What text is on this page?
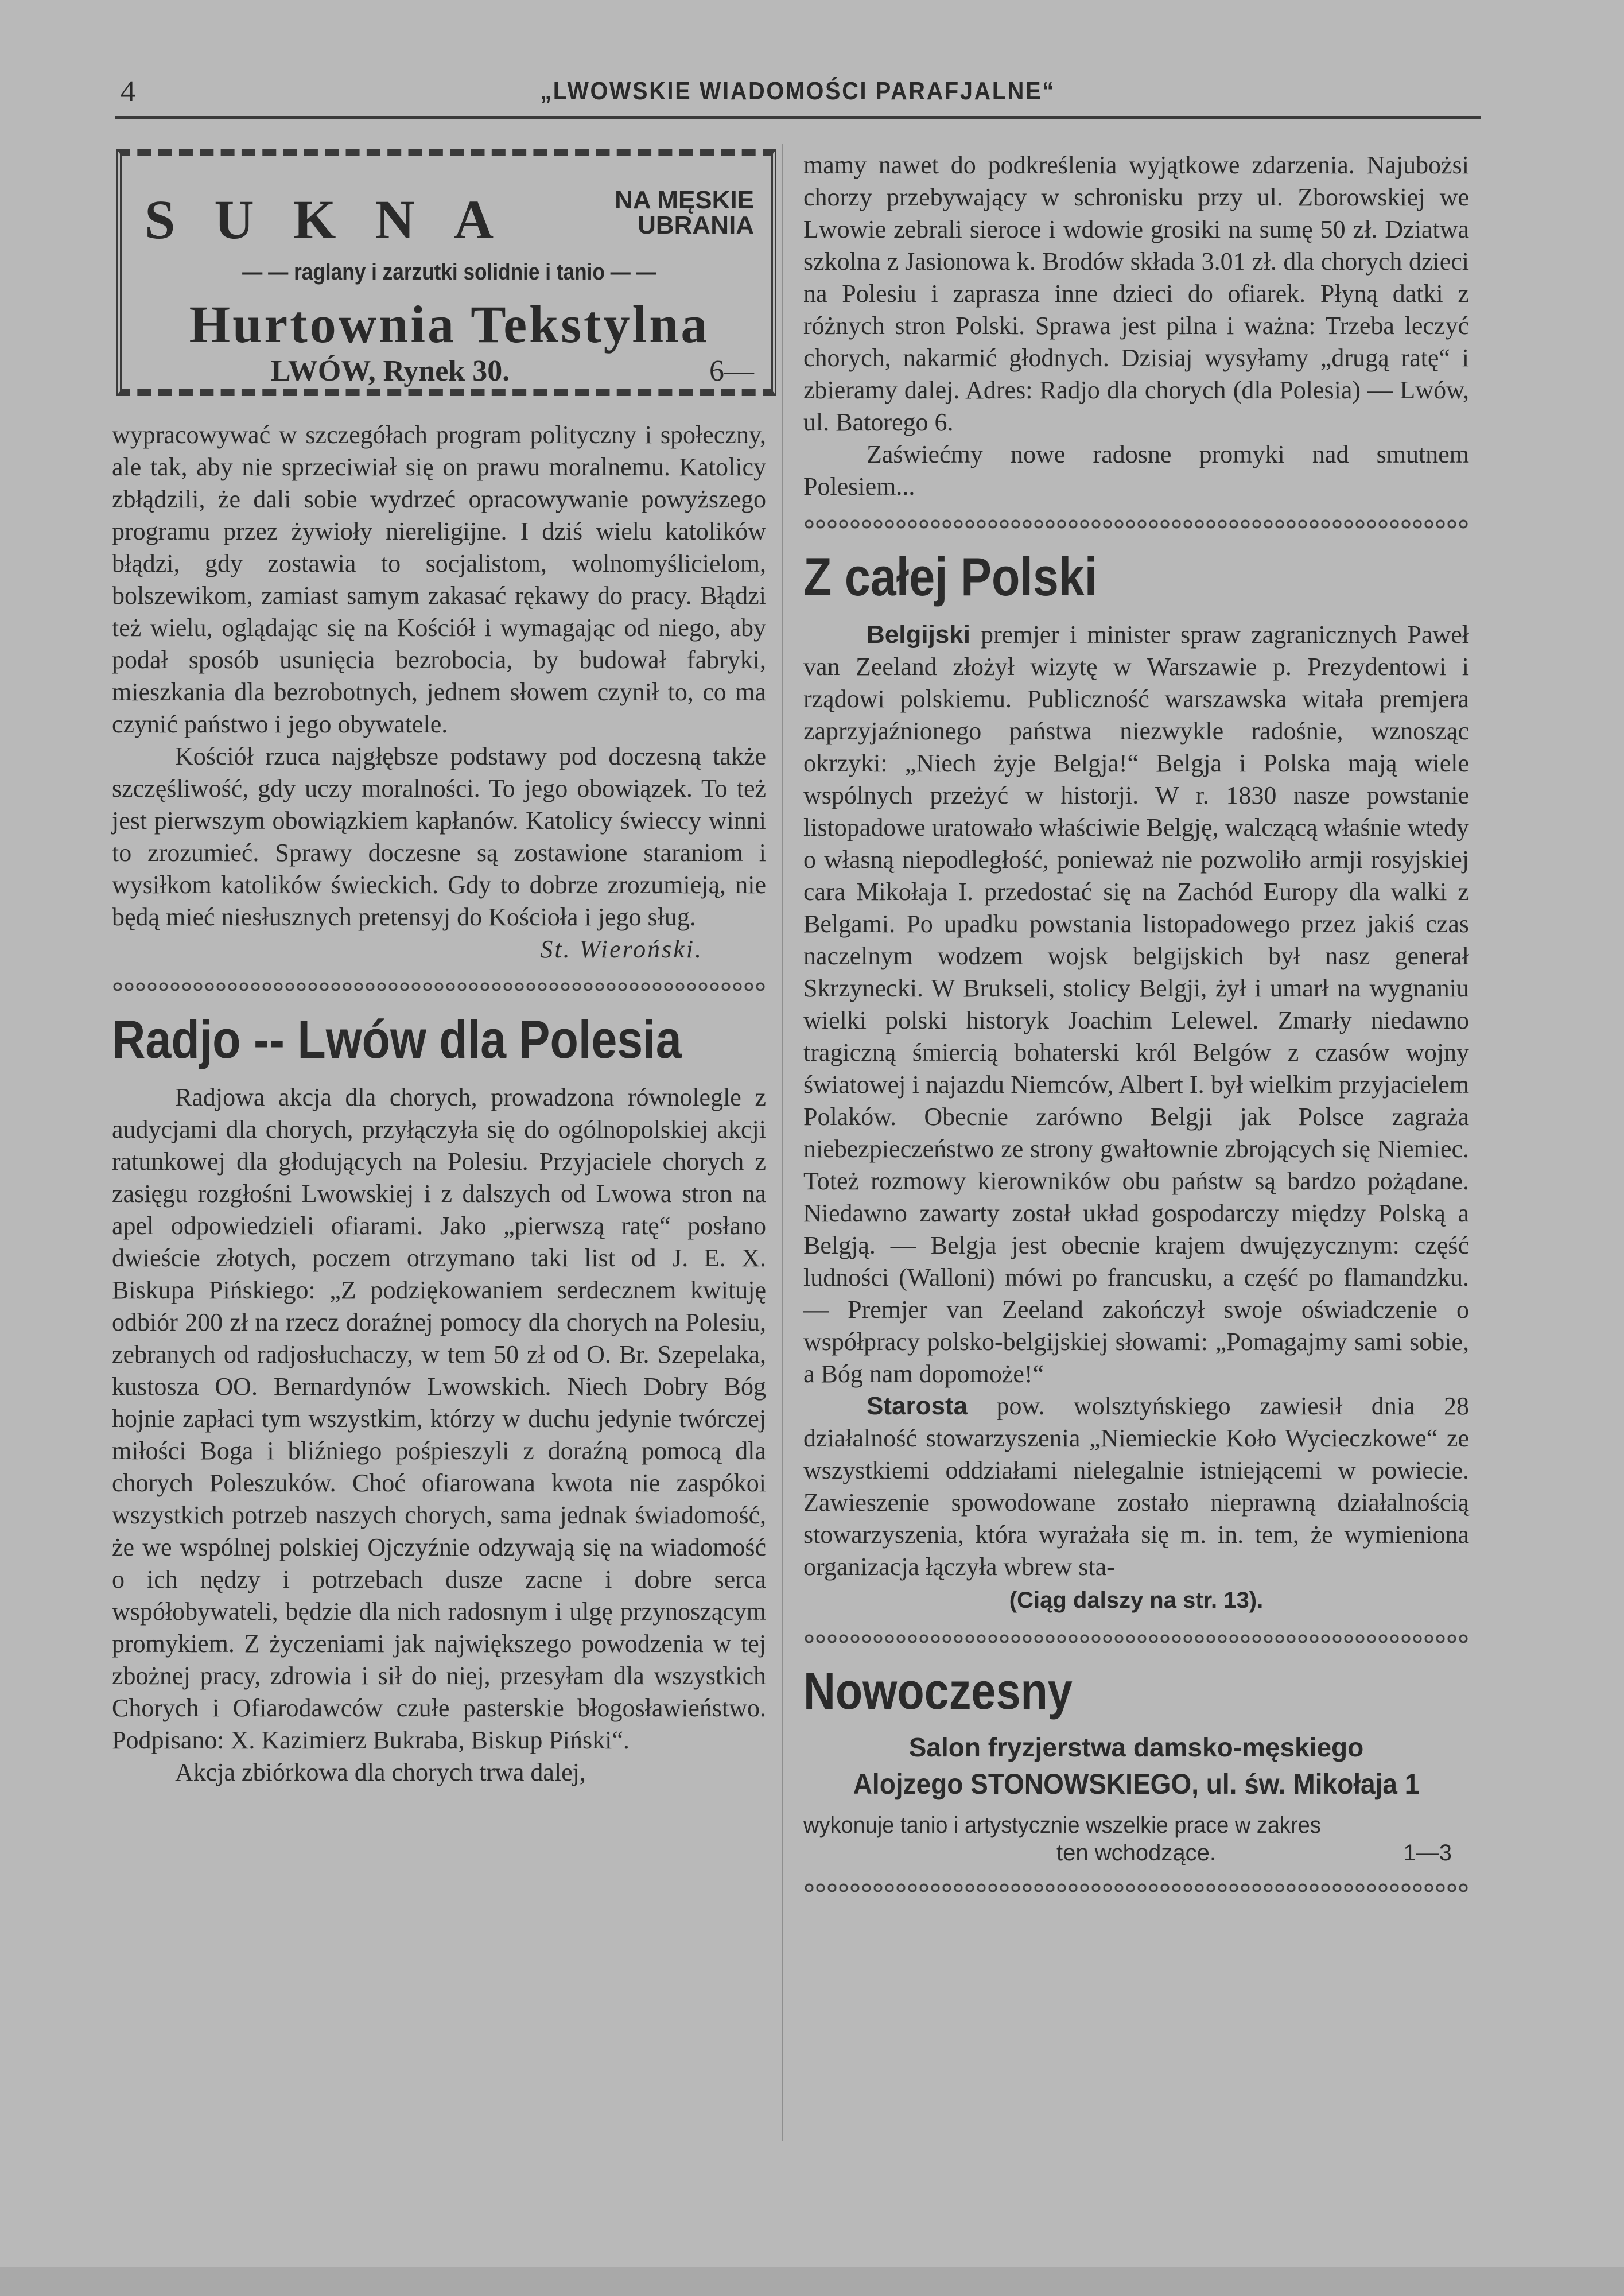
4	„LWOWSKIE WIADOMOŚCI PARAFJALNE“
SUKNA	NA MĘSKIE
UBRANIA
— — raglany i zarzutki solidnie i tanio — —
Hurtownia Tekstylna
LWÓW, Rynek 30.	6—

wypracowywać w szczegółach program polityczny i społeczny, ale tak, aby nie sprzeciwiał się on prawu moralnemu. Katolicy zbłądzili, że dali sobie wydrzeć opracowywanie powyższego programu przez żywioły niereligijne. I dziś wielu katolików błądzi, gdy zostawia to socjalistom, wolnomyślicielom, bolszewikom, zamiast samym zakasać rękawy do pracy. Błądzi też wielu, oglądając się na Kościół i wymagając od niego, aby podał sposób usunięcia bezrobocia, by budował fabryki, mieszkania dla bezrobotnych, jednem słowem czynił to, co ma czynić państwo i jego obywatele.

Kościół rzuca najgłębsze podstawy pod doczesną także szczęśliwość, gdy uczy moralności. To jego obowiązek. To też jest pierwszym obowiązkiem kapłanów. Katolicy świeccy winni to zrozumieć. Sprawy doczesne są zostawione staraniom i wysiłkom katolików świeckich. Gdy to dobrze zrozumieją, nie będą mieć niesłusznych pretensyj do Kościoła i jego sług.

St. Wieroński.
Radjo -- Lwów dla Polesia

Radjowa akcja dla chorych, prowadzona równolegle z audycjami dla chorych, przyłączyła się do ogólnopolskiej akcji ratunkowej dla głodujących na Polesiu. Przyjaciele chorych z zasięgu rozgłośni Lwowskiej i z dalszych od Lwowa stron na apel odpowiedzieli ofiarami. Jako „pierwszą ratę“ posłano dwieście złotych, poczem otrzymano taki list od J. E. X. Biskupa Pińskiego: „Z podziękowaniem serdecznem kwituję odbiór 200 zł na rzecz doraźnej pomocy dla chorych na Polesiu, zebranych od radjosłuchaczy, w tem 50 zł od O. Br. Szepelaka, kustosza OO. Bernardynów Lwowskich. Niech Dobry Bóg hojnie zapłaci tym wszystkim, którzy w duchu jedynie twórczej miłości Boga i bliźniego pośpieszyli z doraźną pomocą dla chorych Poleszuków. Choć ofiarowana kwota nie zaspókoi wszystkich potrzeb naszych chorych, sama jednak świadomość, że we wspólnej polskiej Ojczyźnie odzywają się na wiadomość o ich nędzy i potrzebach dusze zacne i dobre serca współobywateli, będzie dla nich radosnym i ulgę przynoszącym promykiem. Z życzeniami jak największego powodzenia w tej zbożnej pracy, zdrowia i sił do niej, przesyłam dla wszystkich Chorych i Ofiarodawców czułe pasterskie błogosławieństwo. Podpisano: X. Kazimierz Bukraba, Biskup Piński“.

Akcja zbiórkowa dla chorych trwa dalej,

mamy nawet do podkreślenia wyjątkowe zdarzenia. Najubożsi chorzy przebywający w schronisku przy ul. Zborowskiej we Lwowie zebrali sieroce i wdowie grosiki na sumę 50 zł. Dziatwa szkolna z Jasionowa k. Brodów składa 3.01 zł. dla chorych dzieci na Polesiu i zaprasza inne dzieci do ofiarek. Płyną datki z różnych stron Polski. Sprawa jest pilna i ważna: Trzeba leczyć chorych, nakarmić głodnych. Dzisiaj wysyłamy „drugą ratę“ i zbieramy dalej. Adres: Radjo dla chorych (dla Polesia) — Lwów, ul. Batorego 6.

Zaświećmy nowe radosne promyki nad smutnem Polesiem...

Z całej Polski

Belgijski premjer i minister spraw zagranicznych Paweł van Zeeland złożył wizytę w Warszawie p. Prezydentowi i rządowi polskiemu. Publiczność warszawska witała premjera zaprzyjaźnionego państwa niezwykle radośnie, wznosząc okrzyki: „Niech żyje Belgja!“ Belgja i Polska mają wiele wspólnych przeżyć w historji. W r. 1830 nasze powstanie listopadowe uratowało właściwie Belgję, walczącą właśnie wtedy o własną niepodległość, ponieważ nie pozwoliło armji rosyjskiej cara Mikołaja I. przedostać się na Zachód Europy dla walki z Belgami. Po upadku powstania listopadowego przez jakiś czas naczelnym wodzem wojsk belgijskich był nasz generał Skrzynecki. W Brukseli, stolicy Belgji, żył i umarł na wygnaniu wielki polski historyk Joachim Lelewel. Zmarły niedawno tragiczną śmiercią bohaterski król Belgów z czasów wojny światowej i najazdu Niemców, Albert I. był wielkim przyjacielem Polaków. Obecnie zarówno Belgji jak Polsce zagraża niebezpieczeństwo ze strony gwałtownie zbrojących się Niemiec. Toteż rozmowy kierowników obu państw są bardzo pożądane. Niedawno zawarty został układ gospodarczy między Polską a Belgją. — Belgja jest obecnie krajem dwujęzycznym: część ludności (Walloni) mówi po francusku, a część po flamandzku. — Premjer van Zeeland zakończył swoje oświadczenie o współpracy polsko-belgijskiej słowami: „Pomagajmy sami sobie, a Bóg nam dopomoże!“

Starosta pow. wolsztyńskiego zawiesił dnia 28 działalność stowarzyszenia „Niemieckie Koło Wycieczkowe“ ze wszystkiemi oddziałami nielegalnie istniejącemi w powiecie. Zawieszenie spowodowane zostało nieprawną działalnością stowarzyszenia, która wyrażała się m. in. tem, że wymieniona organizacja łączyła wbrew sta-

(Ciąg dalszy na str. 13).
Nowoczesny
Salon fryzjerstwa damsko-męskiego
Alojzego STONOWSKIEGO, ul. św. Mikołaja 1
wykonuje tanio i artystycznie wszelkie prace w zakres
ten wchodzące.	1—3
